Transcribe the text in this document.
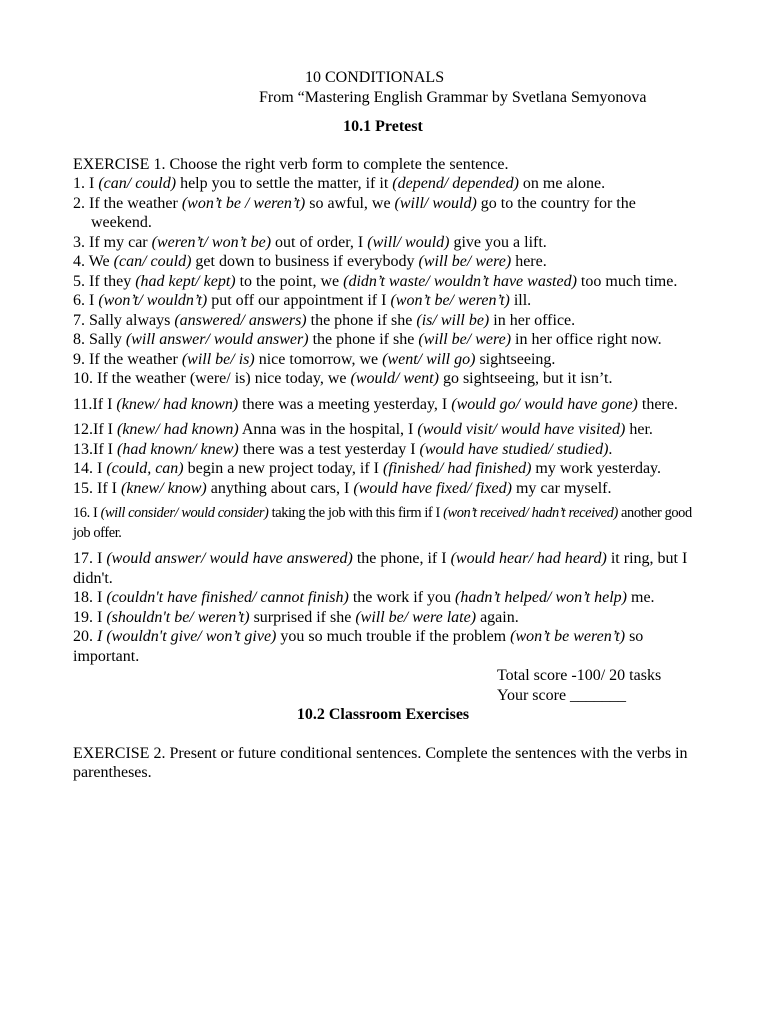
10 CONDITIONALS
From “Mastering English Grammar by Svetlana Semyonova
10.1 Pretest
EXERCISE 1. Choose the right verb form to complete the sentence.
1. I (can/ could) help you to settle the matter, if it (depend/ depended) on me alone.
2. If the weather (won’t be / weren’t) so awful, we (will/ would) go to the country for the weekend.
3. If my car (weren’t/ won’t be) out of order, I (will/ would) give you a lift.
4. We (can/ could) get down to business if everybody (will be/ were) here.
5. If they (had kept/ kept) to the point, we (didn’t waste/ wouldn’t have wasted) too much time.
6. I (won’t/ wouldn’t) put off our appointment if I (won’t be/ weren’t) ill.
7. Sally always (answered/ answers) the phone if she (is/ will be) in her office.
8. Sally (will answer/ would answer) the phone if she (will be/ were) in her office right now.
9. If the weather (will be/ is) nice tomorrow, we (went/ will go) sightseeing.
10. If the weather (were/ is) nice today, we (would/ went) go sightseeing, but it isn’t.
11.If I (knew/ had known) there was a meeting yesterday, I (would go/ would have gone) there.
12.If I (knew/ had known) Anna was in the hospital, I (would visit/ would have visited) her.
13.If I (had known/ knew) there was a test yesterday I (would have studied/ studied).
14. I (could, can) begin a new project today, if I (finished/ had finished) my work yesterday.
15. If I (knew/ know) anything about cars, I (would have fixed/ fixed) my car myself.
16. I (will consider/ would consider) taking the job with this firm if I (won’t received/ hadn’t received) another good job offer.
17. I (would answer/ would have answered) the phone, if I (would hear/ had heard) it ring, but I didn't.
18. I (couldn't have finished/ cannot finish) the work if you (hadn’t helped/ won’t help) me.
19. I (shouldn't be/ weren’t) surprised if she (will be/ were late) again.
20. I (wouldn't give/ won’t give) you so much trouble if the problem (won’t be weren’t) so important.
Total score -100/ 20 tasks
Your score _______
10.2 Classroom Exercises
EXERCISE 2. Present or future conditional sentences. Complete the sentences with the verbs in parentheses.
